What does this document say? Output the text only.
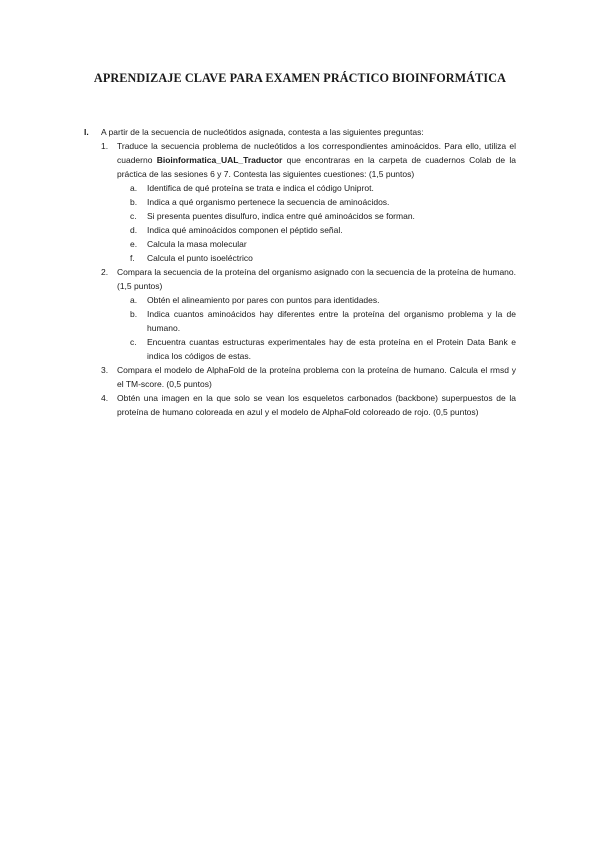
APRENDIZAJE CLAVE PARA EXAMEN PRÁCTICO BIOINFORMÁTICA
I. A partir de la secuencia de nucleótidos asignada, contesta a las siguientes preguntas:
1. Traduce la secuencia problema de nucleótidos a los correspondientes aminoácidos. Para ello, utiliza el cuaderno Bioinformatica_UAL_Traductor que encontraras en la carpeta de cuadernos Colab de la práctica de las sesiones 6 y 7. Contesta las siguientes cuestiones: (1,5 puntos)
a. Identifica de qué proteína se trata e indica el código Uniprot.
b. Indica a qué organismo pertenece la secuencia de aminoácidos.
c. Si presenta puentes disulfuro, indica entre qué aminoácidos se forman.
d. Indica qué aminoácidos componen el péptido señal.
e. Calcula la masa molecular
f. Calcula el punto isoeléctrico
2. Compara la secuencia de la proteína del organismo asignado con la secuencia de la proteína de humano. (1,5 puntos)
a. Obtén el alineamiento por pares con puntos para identidades.
b. Indica cuantos aminoácidos hay diferentes entre la proteína del organismo problema y la de humano.
c. Encuentra cuantas estructuras experimentales hay de esta proteína en el Protein Data Bank e indica los códigos de estas.
3. Compara el modelo de AlphaFold de la proteína problema con la proteína de humano. Calcula el rmsd y el TM-score. (0,5 puntos)
4. Obtén una imagen en la que solo se vean los esqueletos carbonados (backbone) superpuestos de la proteína de humano coloreada en azul y el modelo de AlphaFold coloreado de rojo. (0,5 puntos)
